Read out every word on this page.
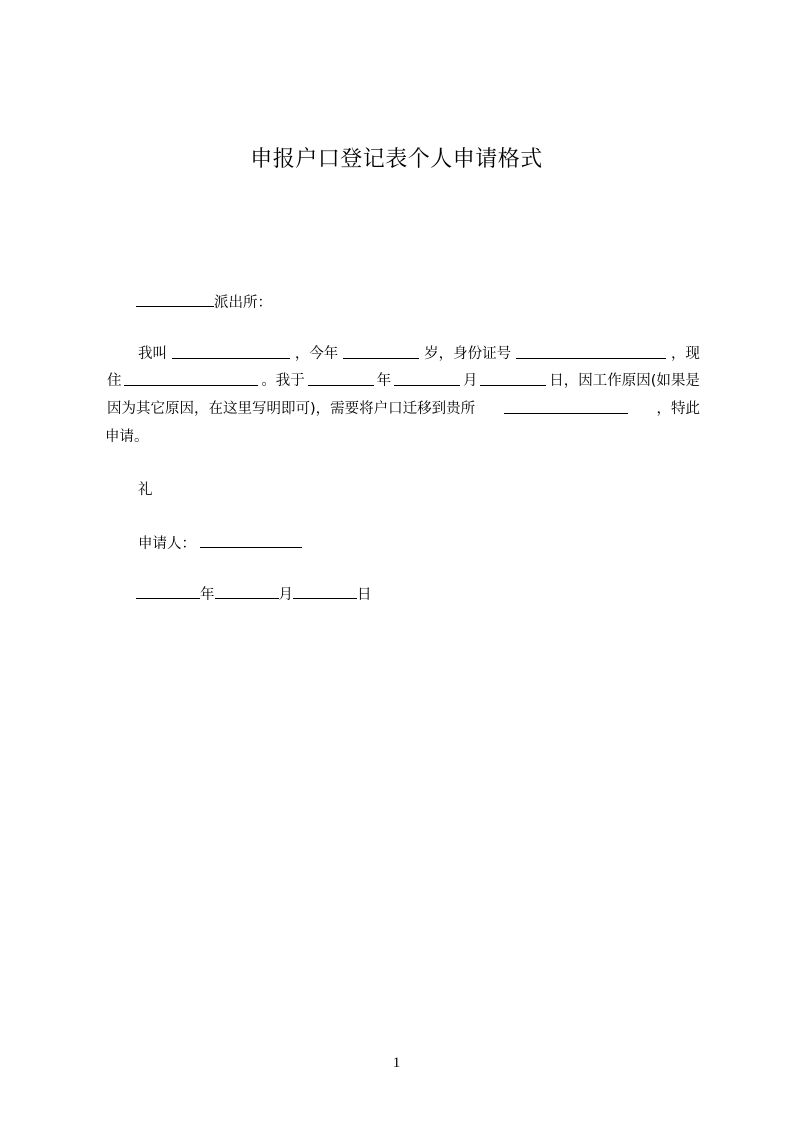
申报户口登记表个人申请格式
派出所：
我叫	，今年	岁，身份证号	，现
住	。我于	年	月	日，因工作原因(如果是
因为其它原因，在这里写明即可)，需要将户口迁移到贵所	，特此
申请。
礼
申请人：
年	月	日
1
